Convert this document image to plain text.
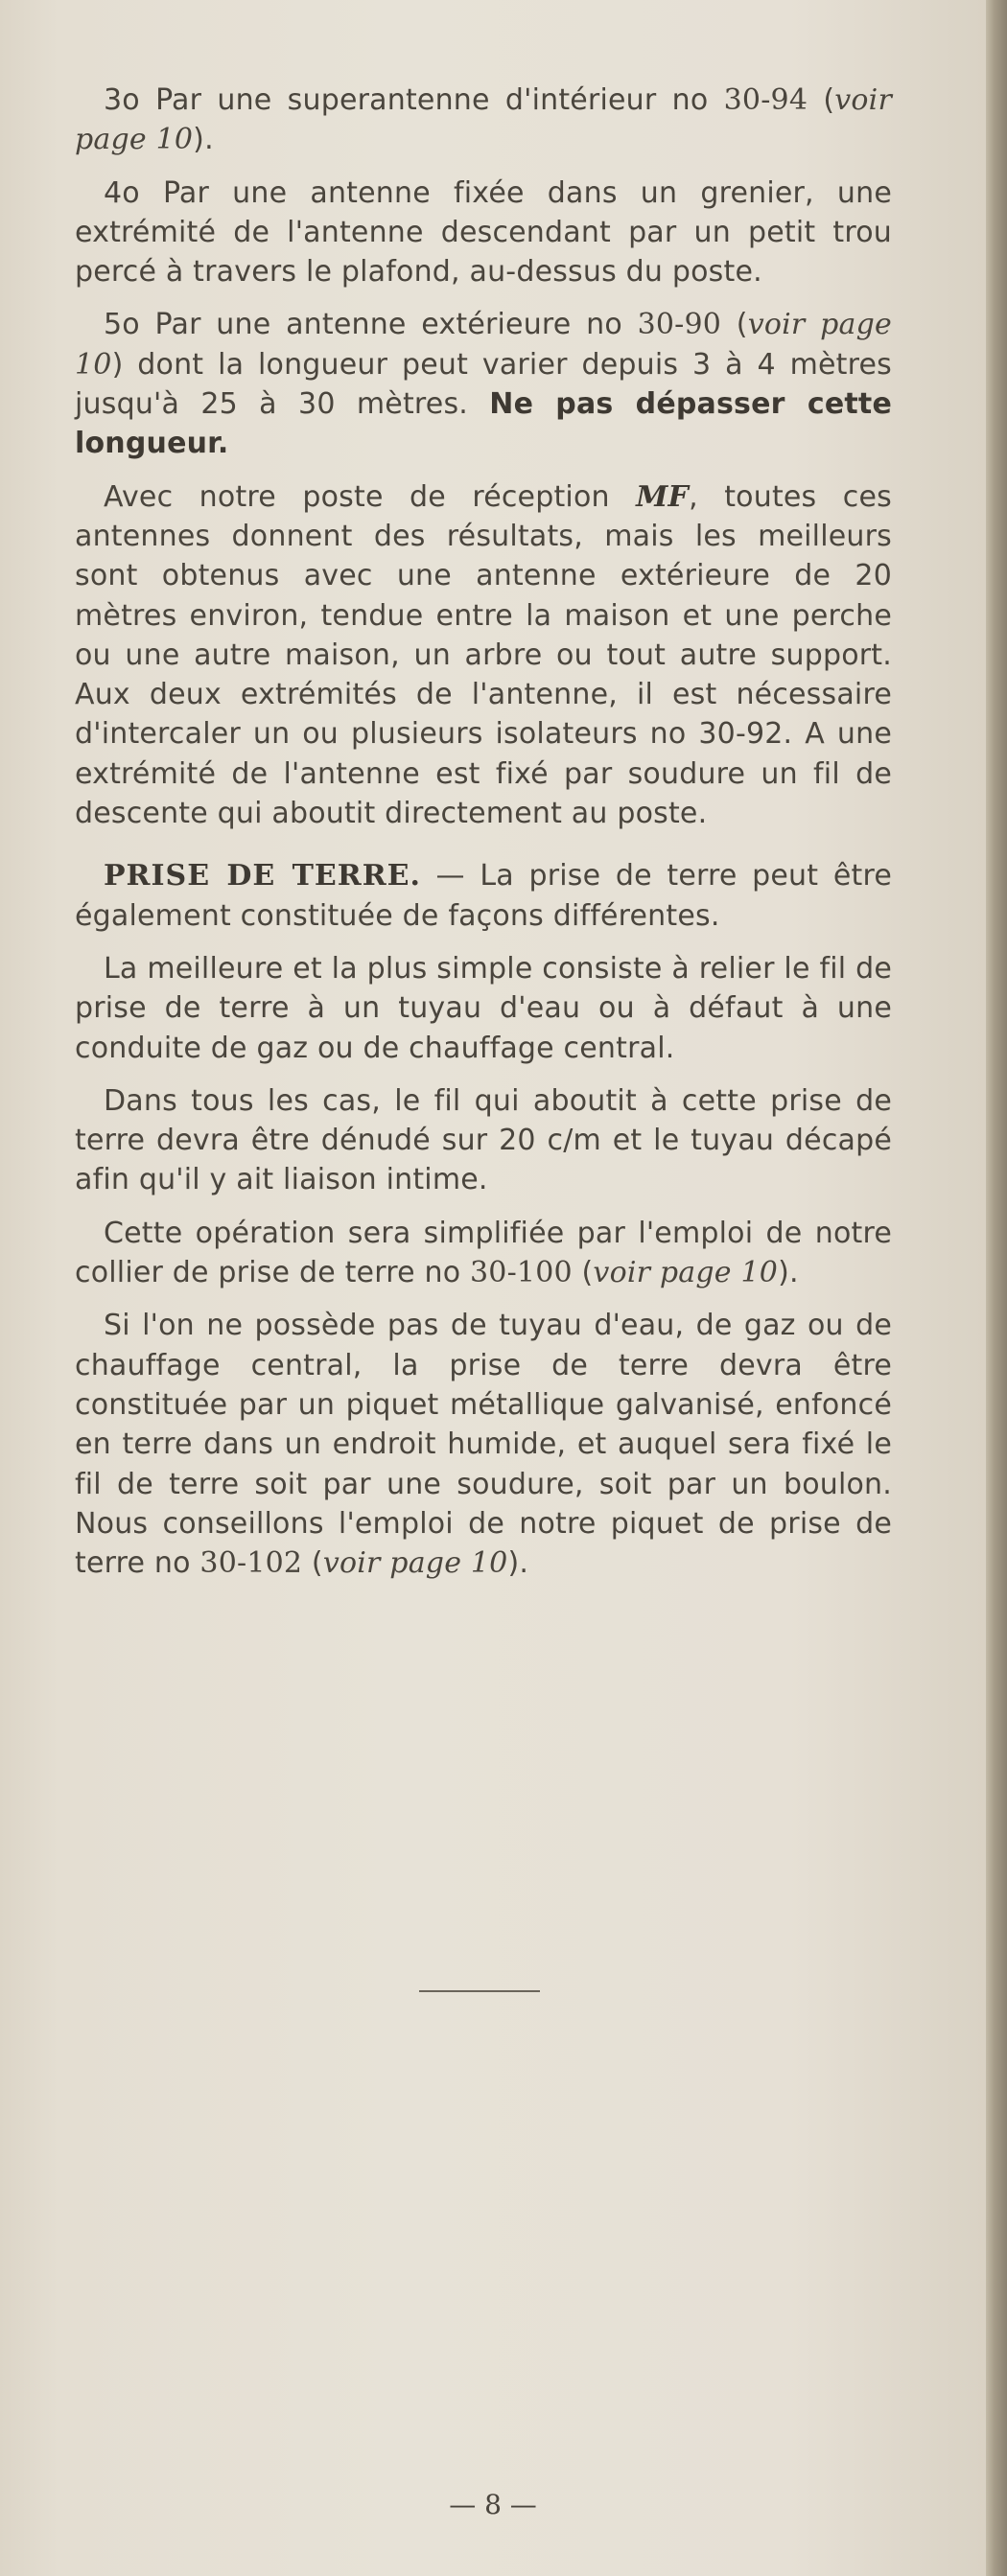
3o Par une superantenne d'intérieur no 30-94 (voir page 10).

4o Par une antenne fixée dans un grenier, une extrémité de l'antenne descendant par un petit trou percé à travers le plafond, au-dessus du poste.

5o Par une antenne extérieure no 30-90 (voir page 10) dont la longueur peut varier depuis 3 à 4 mètres jusqu'à 25 à 30 mètres. Ne pas dépasser cette longueur.

Avec notre poste de réception MF, toutes ces antennes donnent des résultats, mais les meilleurs sont obtenus avec une antenne extérieure de 20 mètres environ, tendue entre la maison et une perche ou une autre maison, un arbre ou tout autre support. Aux deux extrémités de l'antenne, il est nécessaire d'intercaler un ou plusieurs isolateurs no 30-92. A une extrémité de l'antenne est fixé par soudure un fil de descente qui aboutit directement au poste.

PRISE DE TERRE. — La prise de terre peut être également constituée de façons différentes.

La meilleure et la plus simple consiste à relier le fil de prise de terre à un tuyau d'eau ou à défaut à une conduite de gaz ou de chauffage central.

Dans tous les cas, le fil qui aboutit à cette prise de terre devra être dénudé sur 20 c/m et le tuyau décapé afin qu'il y ait liaison intime.

Cette opération sera simplifiée par l'emploi de notre collier de prise de terre no 30-100 (voir page 10).

Si l'on ne possède pas de tuyau d'eau, de gaz ou de chauffage central, la prise de terre devra être constituée par un piquet métallique galvanisé, enfoncé en terre dans un endroit humide, et auquel sera fixé le fil de terre soit par une soudure, soit par un boulon. Nous conseillons l'emploi de notre piquet de prise de terre no 30-102 (voir page 10).

— 8 —
